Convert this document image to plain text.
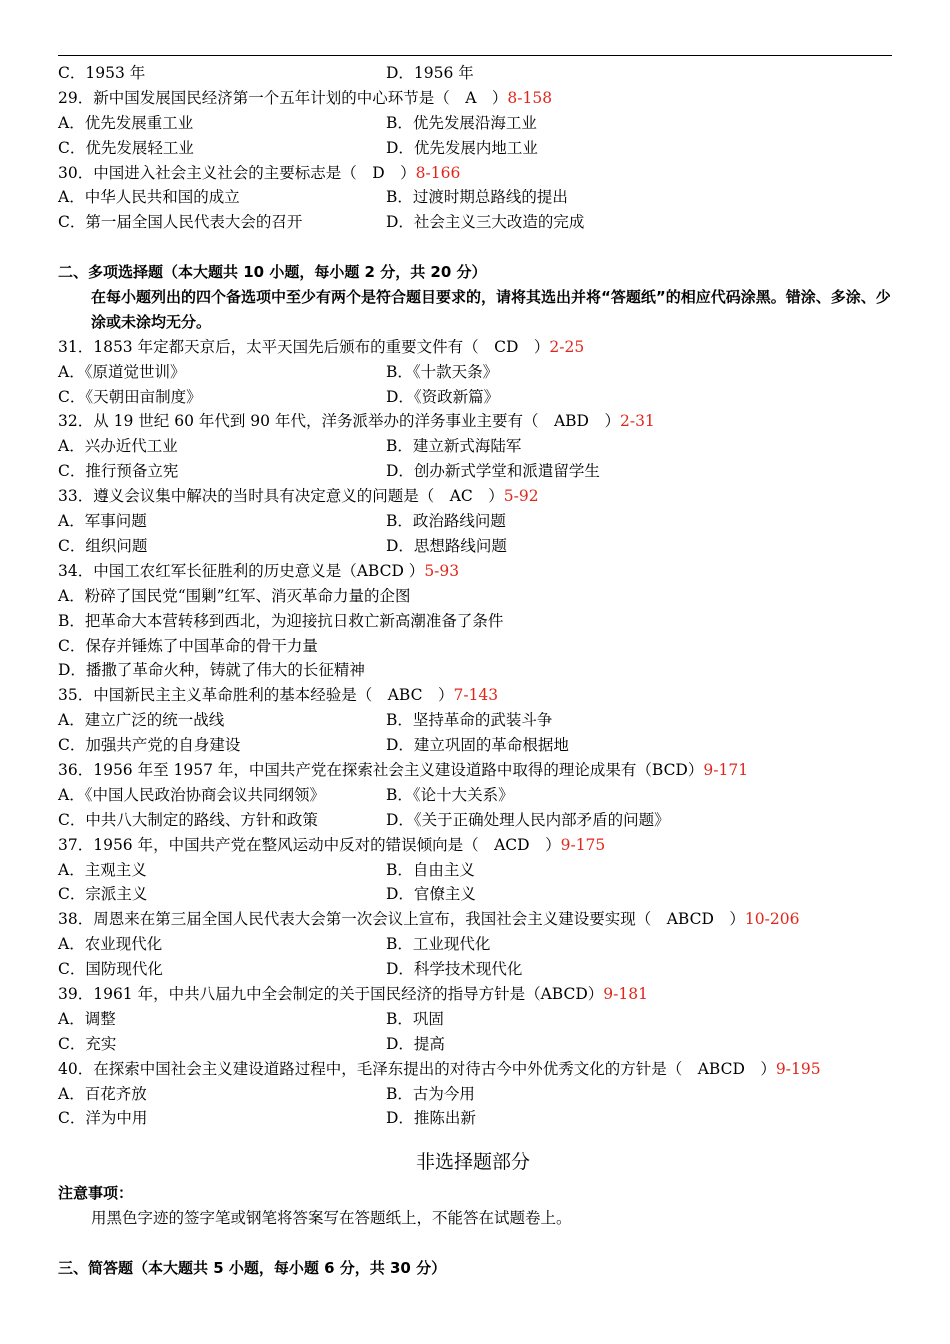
C．1953 年	D．1956 年
29．新中国发展国民经济第一个五年计划的中心环节是（　A　）8-158
A．优先发展重工业	B．优先发展沿海工业
C．优先发展轻工业	D．优先发展内地工业
30．中国进入社会主义社会的主要标志是（　D　）8-166
A．中华人民共和国的成立	B．过渡时期总路线的提出
C．第一届全国人民代表大会的召开	D．社会主义三大改造的完成
二、多项选择题（本大题共 10 小题，每小题 2 分，共 20 分）
在每小题列出的四个备选项中至少有两个是符合题目要求的，请将其选出并将“答题纸”的相应代码涂黑。错涂、多涂、少涂或未涂均无分。
31．1853 年定都天京后，太平天国先后颁布的重要文件有（　CD　）2-25
A．《原道觉世训》	B．《十款天条》
C．《天朝田亩制度》	D．《资政新篇》
32．从 19 世纪 60 年代到 90 年代，洋务派举办的洋务事业主要有（　ABD　）2-31
A．兴办近代工业	B．建立新式海陆军
C．推行预备立宪	D．创办新式学堂和派遣留学生
33．遵义会议集中解决的当时具有决定意义的问题是（　AC　）5-92
A．军事问题	B．政治路线问题
C．组织问题	D．思想路线问题
34．中国工农红军长征胜利的历史意义是（ABCD ）5-93
A．粉碎了国民党“围剿”红军、消灭革命力量的企图
B．把革命大本营转移到西北，为迎接抗日救亡新高潮准备了条件
C．保存并锤炼了中国革命的骨干力量
D．播撒了革命火种，铸就了伟大的长征精神
35．中国新民主主义革命胜利的基本经验是（　ABC　）7-143
A．建立广泛的统一战线	B．坚持革命的武装斗争
C．加强共产党的自身建设	D．建立巩固的革命根据地
36．1956 年至 1957 年，中国共产党在探索社会主义建设道路中取得的理论成果有（BCD）9-171
A．《中国人民政治协商会议共同纲领》	B．《论十大关系》
C．中共八大制定的路线、方针和政策	D．《关于正确处理人民内部矛盾的问题》
37．1956 年，中国共产党在整风运动中反对的错误倾向是（　ACD　）9-175
A．主观主义	B．自由主义
C．宗派主义	D．官僚主义
38．周恩来在第三届全国人民代表大会第一次会议上宣布，我国社会主义建设要实现（　ABCD　）10-206
A．农业现代化	B．工业现代化
C．国防现代化	D．科学技术现代化
39．1961 年，中共八届九中全会制定的关于国民经济的指导方针是（ABCD）9-181
A．调整	B．巩固
C．充实	D．提高
40．在探索中国社会主义建设道路过程中，毛泽东提出的对待古今中外优秀文化的方针是（　ABCD　）9-195
A．百花齐放	B．古为今用
C．洋为中用	D．推陈出新
非选择题部分
注意事项：
用黑色字迹的签字笔或钢笔将答案写在答题纸上，不能答在试题卷上。
三、简答题（本大题共 5 小题，每小题 6 分，共 30 分）
